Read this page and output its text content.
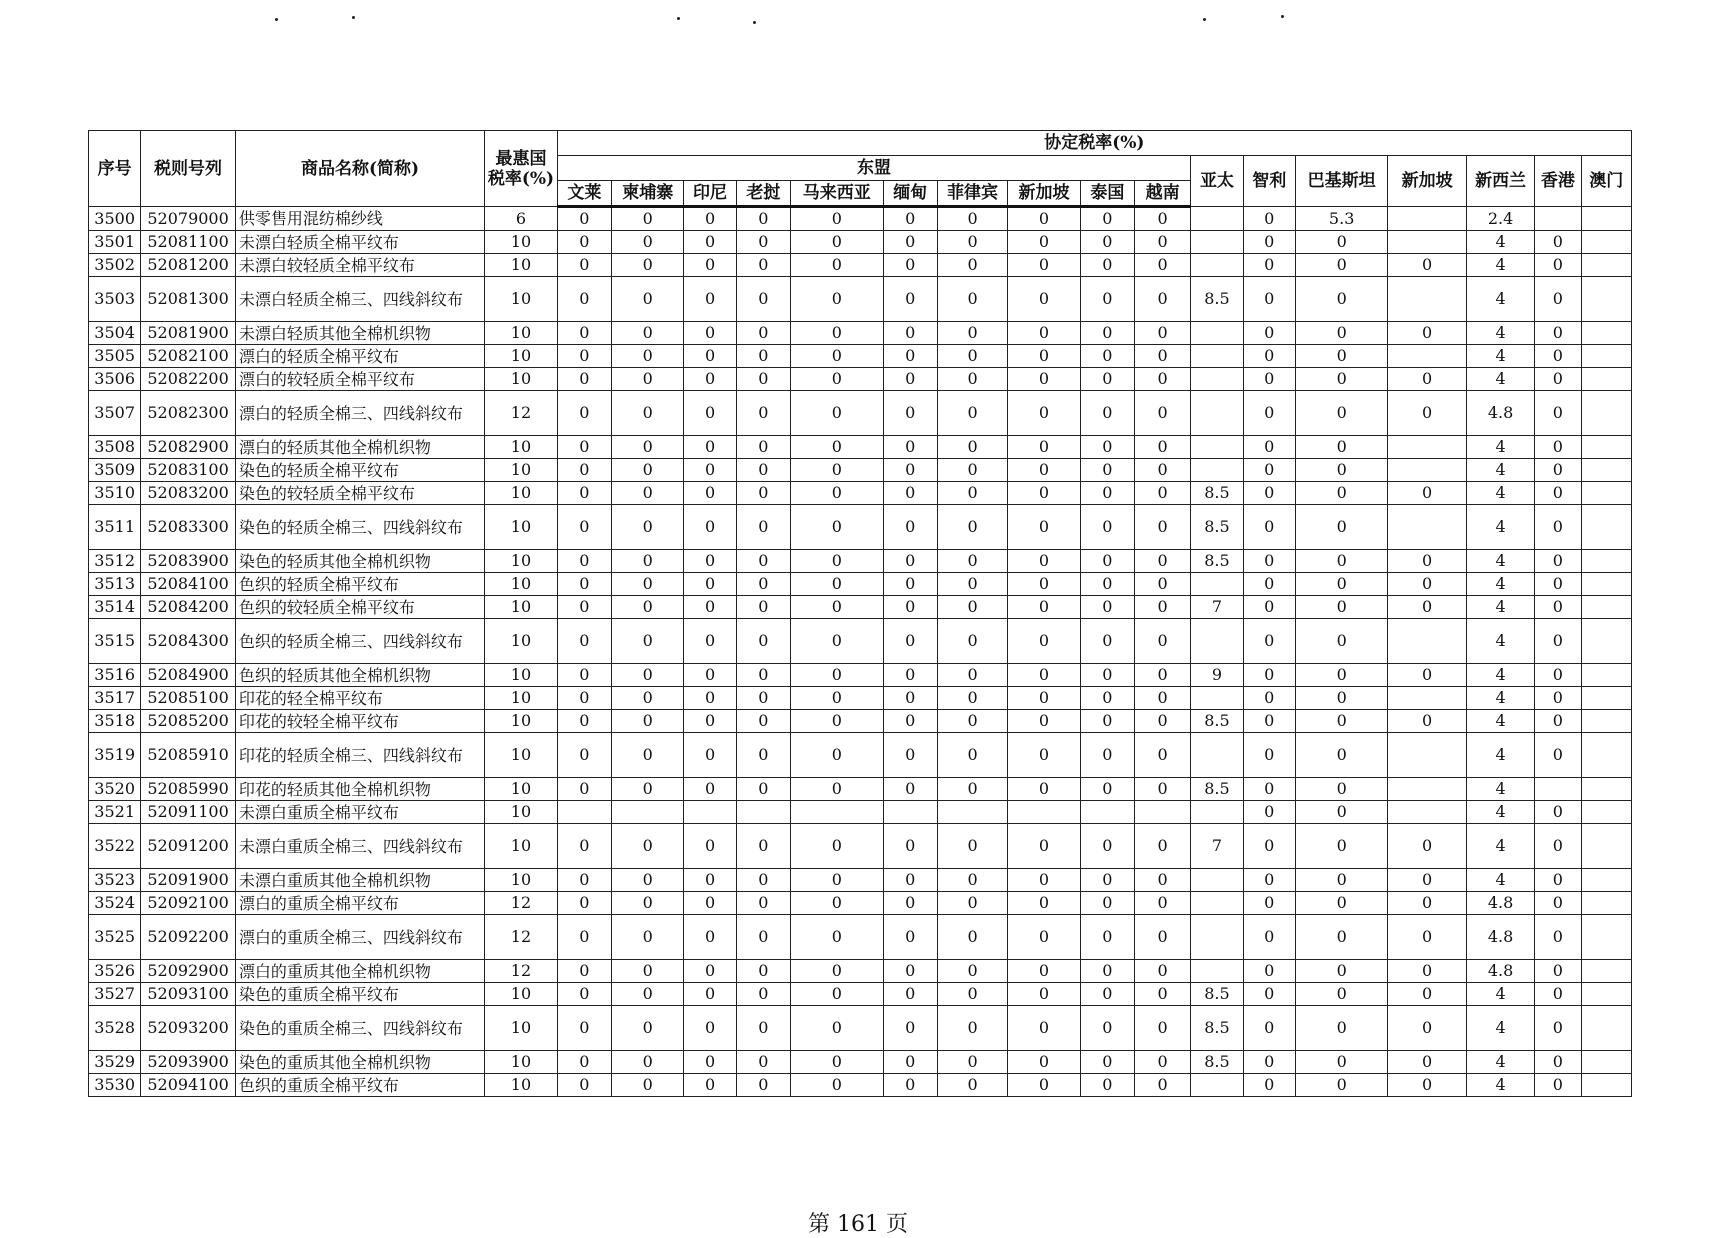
序号	税则号列	商品名称(简称)	最惠国税率(%)	协定税率(%)																
				东盟										亚太	智利	巴基斯坦	新加坡	新西兰	香港	澳门
				文莱	柬埔寨	印尼	老挝	马来西亚	缅甸	菲律宾	新加坡	泰国	越南							
3500	52079000	供零售用混纺棉纱线	6	0	0	0	0	0	0	0	0	0	0		0	5.3		2.4		
3501	52081100	未漂白轻质全棉平纹布	10	0	0	0	0	0	0	0	0	0	0		0	0		4	0	
3502	52081200	未漂白较轻质全棉平纹布	10	0	0	0	0	0	0	0	0	0	0		0	0	0	4	0	
3503	52081300	未漂白轻质全棉三、四线斜纹布	10	0	0	0	0	0	0	0	0	0	0	8.5	0	0		4	0	
3504	52081900	未漂白轻质其他全棉机织物	10	0	0	0	0	0	0	0	0	0	0		0	0	0	4	0	
3505	52082100	漂白的轻质全棉平纹布	10	0	0	0	0	0	0	0	0	0	0		0	0		4	0	
3506	52082200	漂白的较轻质全棉平纹布	10	0	0	0	0	0	0	0	0	0	0		0	0	0	4	0	
3507	52082300	漂白的轻质全棉三、四线斜纹布	12	0	0	0	0	0	0	0	0	0	0		0	0	0	4.8	0	
3508	52082900	漂白的轻质其他全棉机织物	10	0	0	0	0	0	0	0	0	0	0		0	0		4	0	
3509	52083100	染色的轻质全棉平纹布	10	0	0	0	0	0	0	0	0	0	0		0	0		4	0	
3510	52083200	染色的较轻质全棉平纹布	10	0	0	0	0	0	0	0	0	0	0	8.5	0	0	0	4	0	
3511	52083300	染色的轻质全棉三、四线斜纹布	10	0	0	0	0	0	0	0	0	0	0	8.5	0	0		4	0	
3512	52083900	染色的轻质其他全棉机织物	10	0	0	0	0	0	0	0	0	0	0	8.5	0	0	0	4	0	
3513	52084100	色织的轻质全棉平纹布	10	0	0	0	0	0	0	0	0	0	0		0	0	0	4	0	
3514	52084200	色织的较轻质全棉平纹布	10	0	0	0	0	0	0	0	0	0	0	7	0	0	0	4	0	
3515	52084300	色织的轻质全棉三、四线斜纹布	10	0	0	0	0	0	0	0	0	0	0		0	0		4	0	
3516	52084900	色织的轻质其他全棉机织物	10	0	0	0	0	0	0	0	0	0	0	9	0	0	0	4	0	
3517	52085100	印花的轻全棉平纹布	10	0	0	0	0	0	0	0	0	0	0		0	0		4	0	
3518	52085200	印花的较轻全棉平纹布	10	0	0	0	0	0	0	0	0	0	0	8.5	0	0	0	4	0	
3519	52085910	印花的轻质全棉三、四线斜纹布	10	0	0	0	0	0	0	0	0	0	0		0	0		4	0	
3520	52085990	印花的轻质其他全棉机织物	10	0	0	0	0	0	0	0	0	0	0	8.5	0	0		4		
3521	52091100	未漂白重质全棉平纹布	10												0	0		4	0	
3522	52091200	未漂白重质全棉三、四线斜纹布	10	0	0	0	0	0	0	0	0	0	0	7	0	0	0	4	0	
3523	52091900	未漂白重质其他全棉机织物	10	0	0	0	0	0	0	0	0	0	0		0	0	0	4	0	
3524	52092100	漂白的重质全棉平纹布	12	0	0	0	0	0	0	0	0	0	0		0	0	0	4.8	0	
3525	52092200	漂白的重质全棉三、四线斜纹布	12	0	0	0	0	0	0	0	0	0	0		0	0	0	4.8	0	
3526	52092900	漂白的重质其他全棉机织物	12	0	0	0	0	0	0	0	0	0	0		0	0	0	4.8	0	
3527	52093100	染色的重质全棉平纹布	10	0	0	0	0	0	0	0	0	0	0	8.5	0	0	0	4	0	
3528	52093200	染色的重质全棉三、四线斜纹布	10	0	0	0	0	0	0	0	0	0	0	8.5	0	0	0	4	0	
3529	52093900	染色的重质其他全棉机织物	10	0	0	0	0	0	0	0	0	0	0	8.5	0	0	0	4	0	
3530	52094100	色织的重质全棉平纹布	10	0	0	0	0	0	0	0	0	0	0		0	0	0	4	0	
第 161 页
